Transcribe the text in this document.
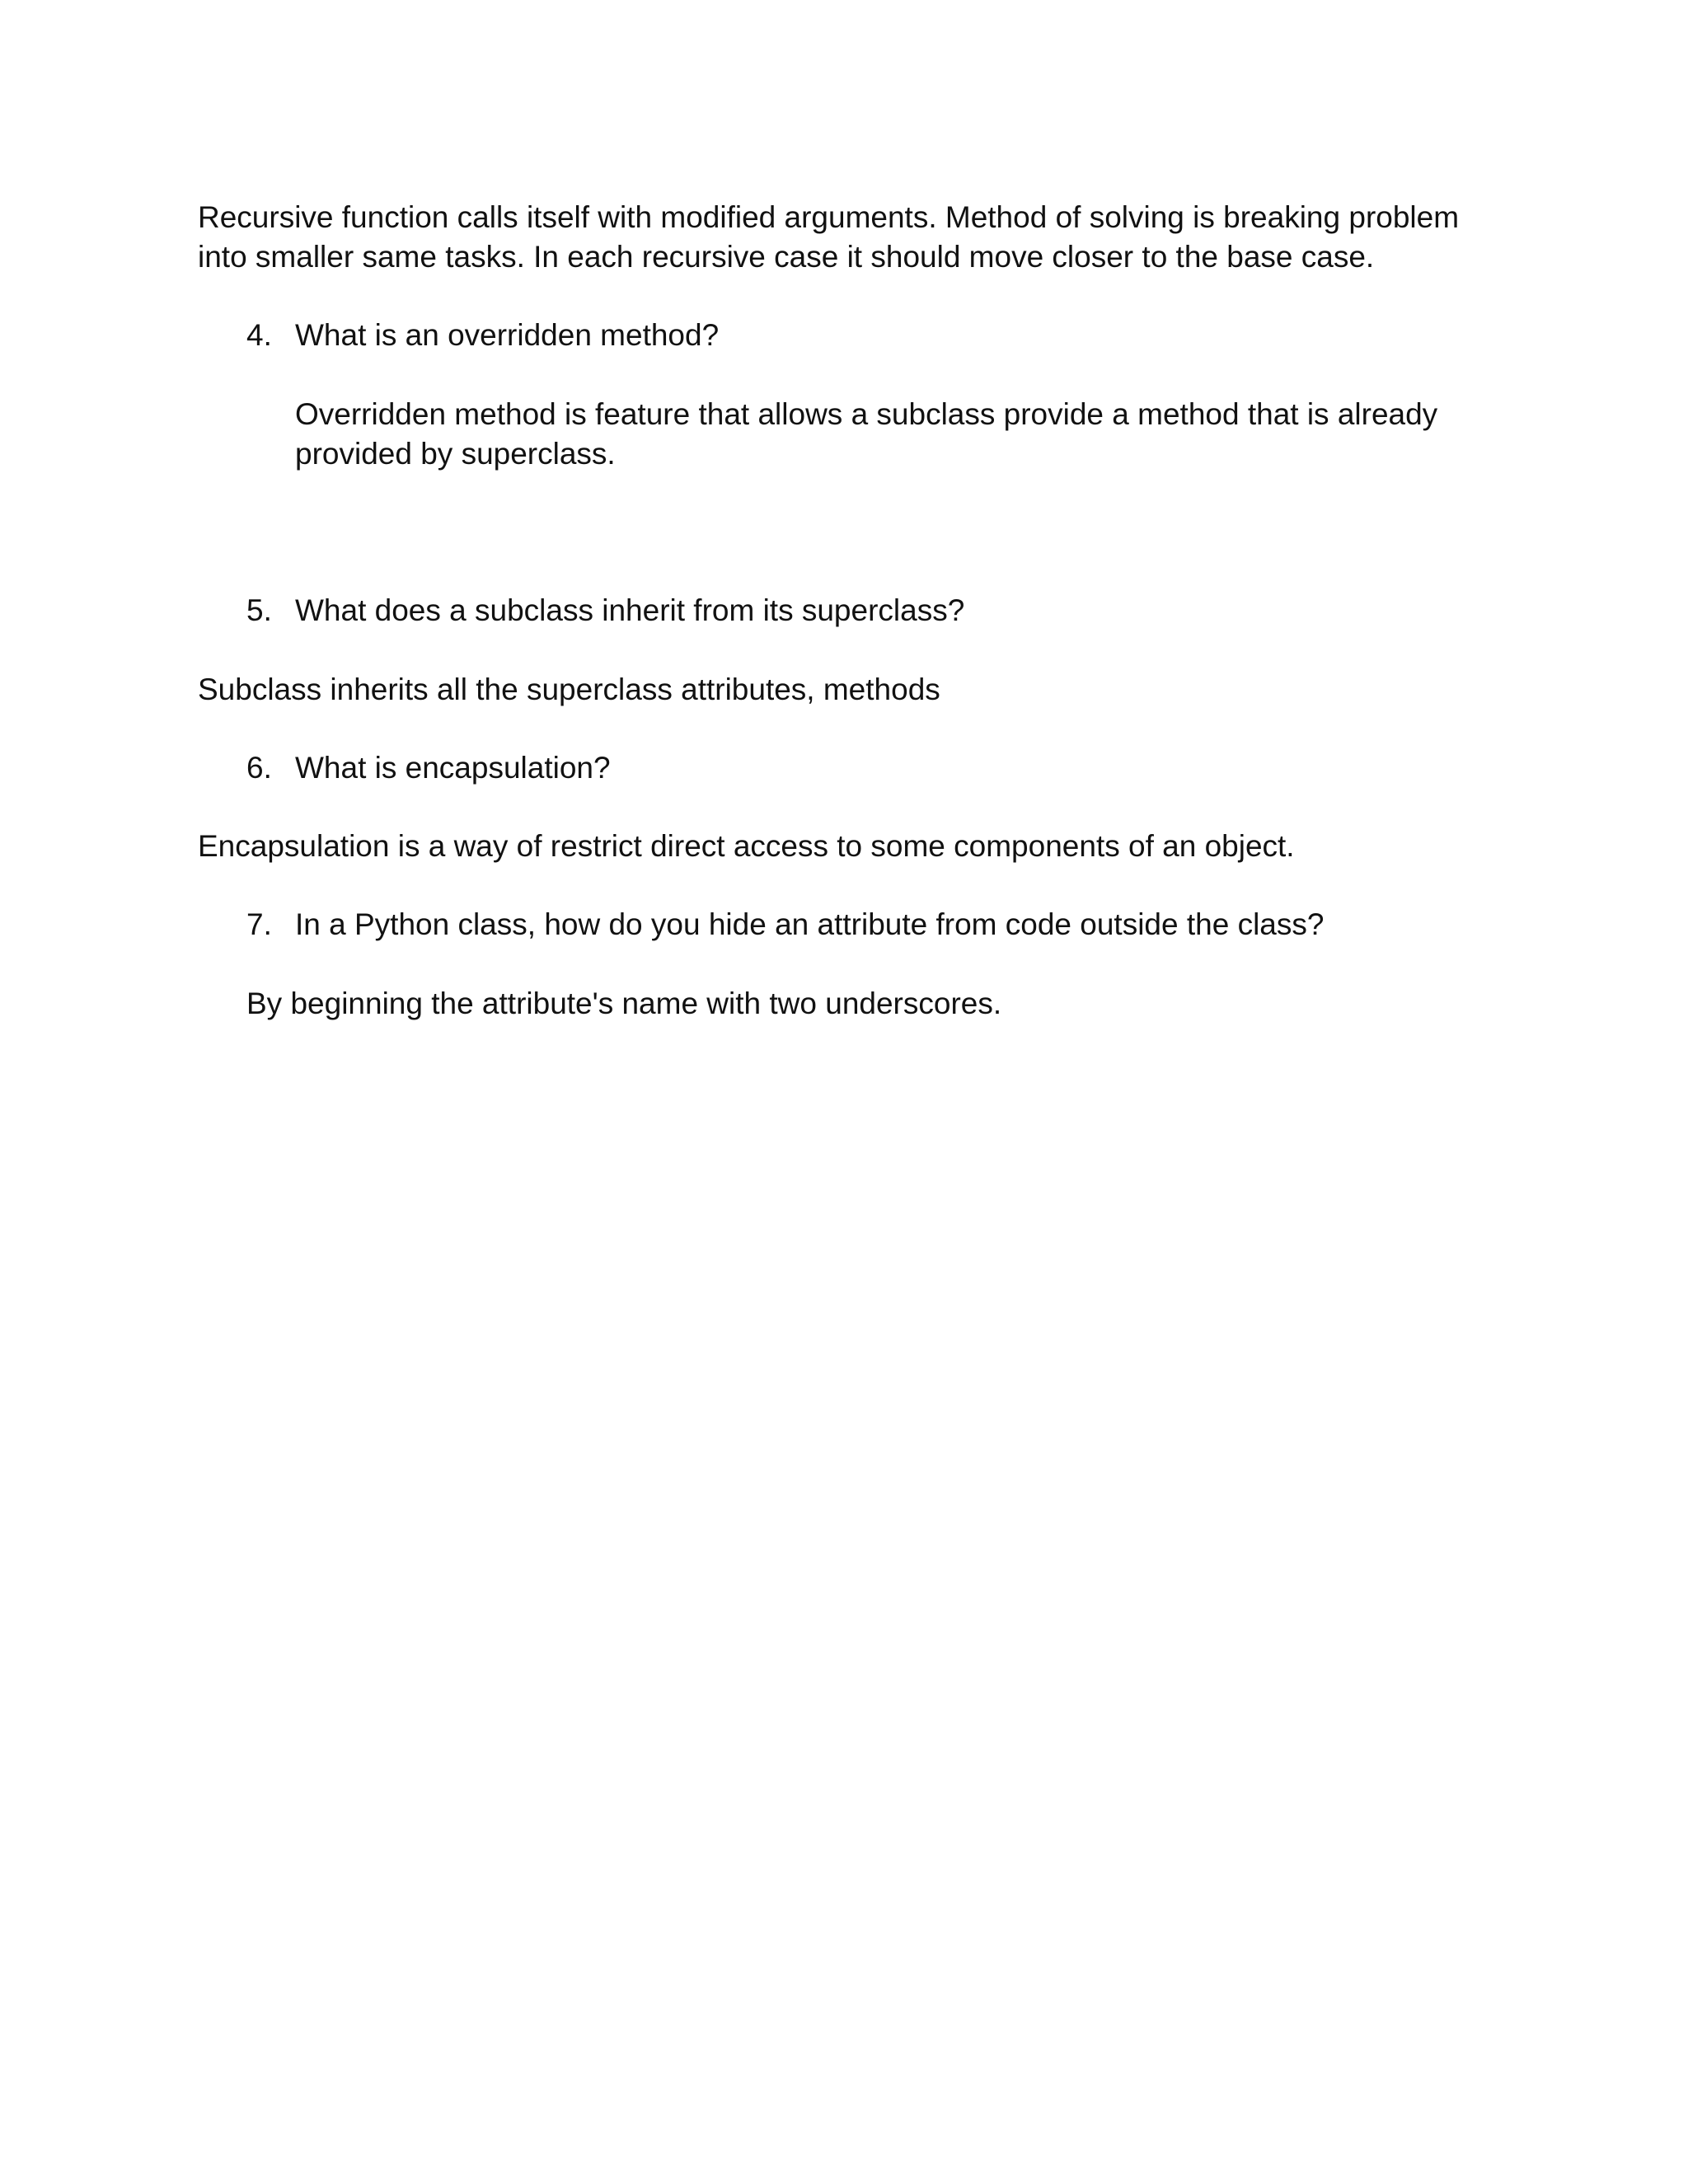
Recursive function calls itself with modified arguments. Method of solving is breaking problem
into smaller same tasks. In each recursive case it should move closer to the base case.
4. What is an overridden method?
Overridden method is feature that allows a subclass provide a method that is already
provided by superclass.
5. What does a subclass inherit from its superclass?
Subclass inherits all the superclass attributes, methods
6. What is encapsulation?
Encapsulation is a way of restrict direct access to some components of an object.
7. In a Python class, how do you hide an attribute from code outside the class?
By beginning the attribute's name with two underscores.
